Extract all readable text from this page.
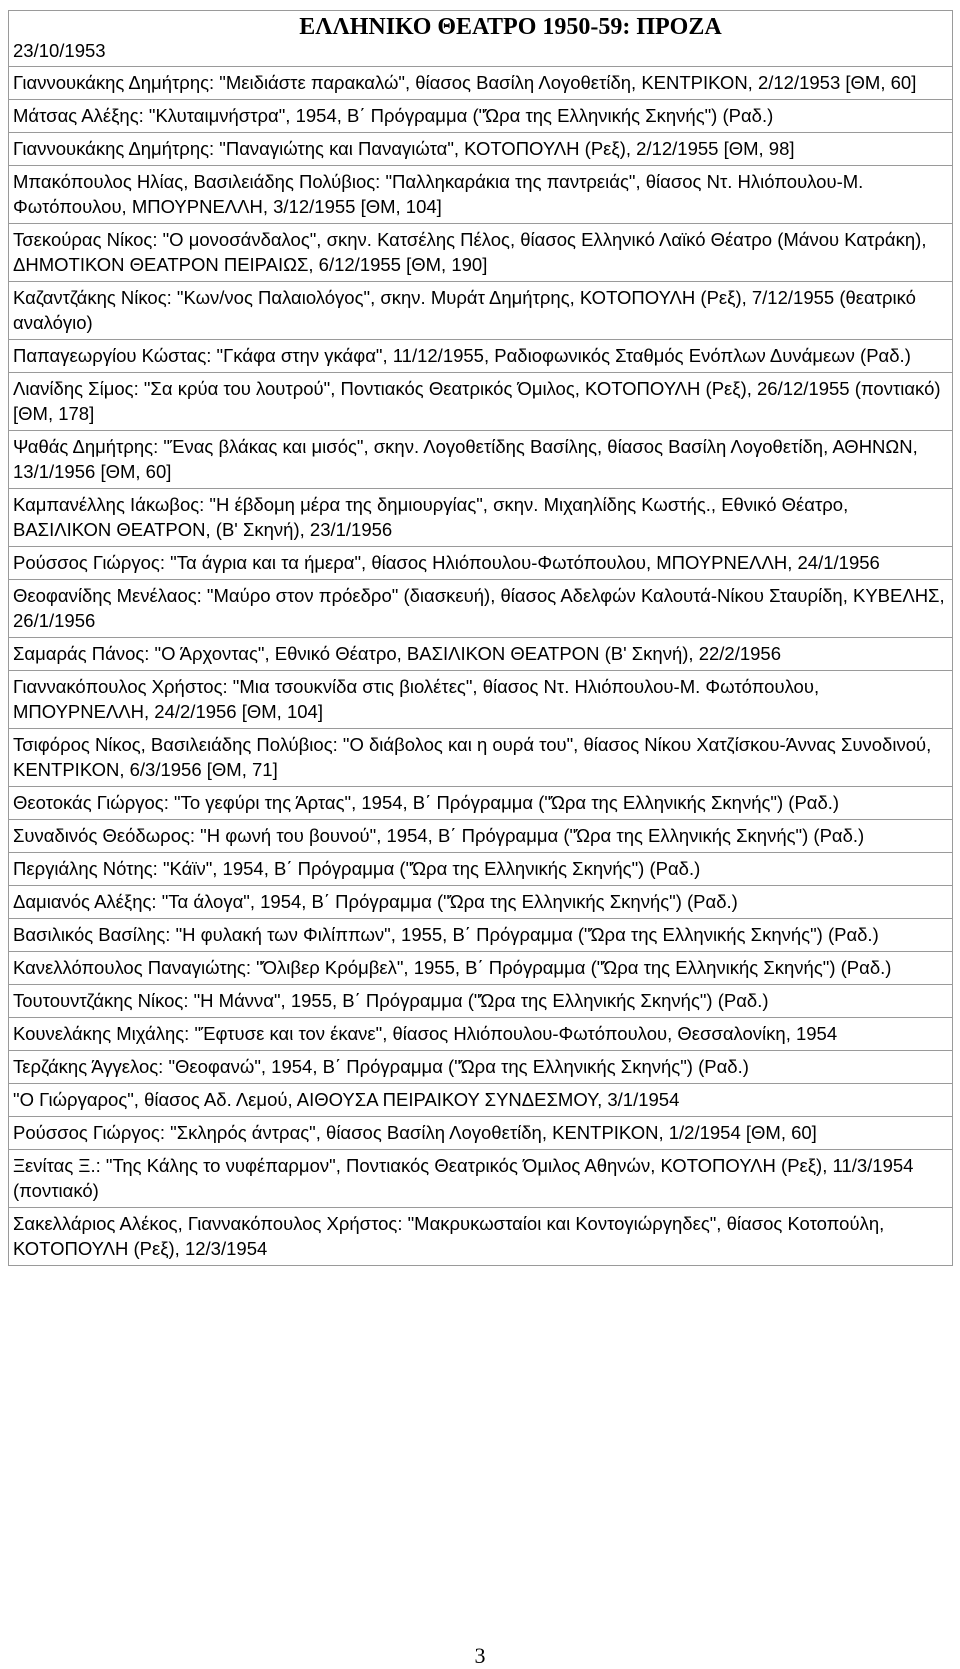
ΕΛΛΗΝΙΚΟ ΘΕΑΤΡΟ 1950-59: ΠΡΟΖΑ
23/10/1953

Γιαννουκάκης Δημήτρης: "Μειδιάστε παρακαλώ", θίασος Βασίλη Λογοθετίδη, ΚΕΝΤΡΙΚΟΝ, 2/12/1953 [ΘΜ, 60]
Μάτσας Αλέξης: "Κλυταιμνήστρα", 1954, Β΄ Πρόγραμμα ("Ώρα της Ελληνικής Σκηνής") (Ραδ.)
Γιαννουκάκης Δημήτρης: "Παναγιώτης και Παναγιώτα", ΚΟΤΟΠΟΥΛΗ (Ρεξ), 2/12/1955 [ΘΜ, 98]
Μπακόπουλος Ηλίας, Βασιλειάδης Πολύβιος: "Παλληκαράκια της παντρειάς", θίασος Ντ. Ηλιόπουλου-Μ. Φωτόπουλου, ΜΠΟΥΡΝΕΛΛΗ, 3/12/1955 [ΘΜ, 104]
Τσεκούρας Νίκος: "Ο μονοσάνδαλος", σκην. Κατσέλης Πέλος, θίασος Ελληνικό Λαϊκό Θέατρο (Μάνου Κατράκη), ΔΗΜΟΤΙΚΟΝ ΘΕΑΤΡΟΝ ΠΕΙΡΑΙΩΣ, 6/12/1955 [ΘΜ, 190]
Καζαντζάκης Νίκος: "Κων/νος Παλαιολόγος", σκην. Μυράτ Δημήτρης, ΚΟΤΟΠΟΥΛΗ (Ρεξ), 7/12/1955 (θεατρικό αναλόγιο)
Παπαγεωργίου Κώστας: "Γκάφα στην γκάφα", 11/12/1955, Ραδιοφωνικός Σταθμός Ενόπλων Δυνάμεων (Ραδ.)
Λιανίδης Σίμος: "Σα κρύα του λουτρού", Ποντιακός Θεατρικός Όμιλος, ΚΟΤΟΠΟΥΛΗ (Ρεξ), 26/12/1955 (ποντιακό) [ΘΜ, 178]
Ψαθάς Δημήτρης: "Ένας βλάκας και μισός", σκην. Λογοθετίδης Βασίλης, θίασος Βασίλη Λογοθετίδη, ΑΘΗΝΩΝ, 13/1/1956 [ΘΜ, 60]
Καμπανέλλης Ιάκωβος: "Η έβδομη μέρα της δημιουργίας", σκην. Μιχαηλίδης Κωστής., Εθνικό Θέατρο, ΒΑΣΙΛΙΚΟΝ ΘΕΑΤΡΟΝ, (Β' Σκηνή), 23/1/1956
Ρούσσος Γιώργος: "Τα άγρια και τα ήμερα", θίασος Ηλιόπουλου-Φωτόπουλου, ΜΠΟΥΡΝΕΛΛΗ, 24/1/1956
Θεοφανίδης Μενέλαος: "Μαύρο στον πρόεδρο" (διασκευή), θίασος Αδελφών Καλουτά-Νίκου Σταυρίδη, ΚΥΒΕΛΗΣ, 26/1/1956
Σαμαράς Πάνος: "Ο Άρχοντας", Εθνικό Θέατρο, ΒΑΣΙΛΙΚΟΝ ΘΕΑΤΡΟΝ (Β' Σκηνή), 22/2/1956
Γιαννακόπουλος Χρήστος: "Μια τσουκνίδα στις βιολέτες", θίασος Ντ. Ηλιόπουλου-Μ. Φωτόπουλου, ΜΠΟΥΡΝΕΛΛΗ, 24/2/1956 [ΘΜ, 104]
Τσιφόρος Νίκος, Βασιλειάδης Πολύβιος: "Ο διάβολος και η ουρά του", θίασος Νίκου Χατζίσκου-Άννας Συνοδινού, ΚΕΝΤΡΙΚΟΝ, 6/3/1956 [ΘΜ, 71]
Θεοτοκάς Γιώργος: "Το γεφύρι της Άρτας", 1954, Β΄ Πρόγραμμα ("Ώρα της Ελληνικής Σκηνής") (Ραδ.)
Συναδινός Θεόδωρος: "Η φωνή του βουνού", 1954, Β΄ Πρόγραμμα ("Ώρα της Ελληνικής Σκηνής") (Ραδ.)
Περγιάλης Νότης: "Κάϊν", 1954, Β΄ Πρόγραμμα ("Ώρα της Ελληνικής Σκηνής") (Ραδ.)
Δαμιανός Αλέξης: "Τα άλογα", 1954, Β΄ Πρόγραμμα ("Ώρα της Ελληνικής Σκηνής") (Ραδ.)
Βασιλικός Βασίλης: "Η φυλακή των Φιλίππων", 1955, Β΄ Πρόγραμμα ("Ώρα της Ελληνικής Σκηνής") (Ραδ.)
Κανελλόπουλος Παναγιώτης: "Όλιβερ Κρόμβελ", 1955, Β΄ Πρόγραμμα ("Ώρα της Ελληνικής Σκηνής") (Ραδ.)
Τουτουντζάκης Νίκος: "Η Μάννα", 1955, Β΄ Πρόγραμμα ("Ώρα της Ελληνικής Σκηνής") (Ραδ.)
Κουνελάκης Μιχάλης: "Έφτυσε και τον έκανε", θίασος Ηλιόπουλου-Φωτόπουλου, Θεσσαλονίκη, 1954
Τερζάκης Άγγελος: "Θεοφανώ", 1954, Β΄ Πρόγραμμα ("Ώρα της Ελληνικής Σκηνής") (Ραδ.)
"Ο Γιώργαρος", θίασος Αδ. Λεμού, ΑΙΘΟΥΣΑ ΠΕΙΡΑΙΚΟΥ ΣΥΝΔΕΣΜΟΥ, 3/1/1954
Ρούσσος Γιώργος: "Σκληρός άντρας", θίασος Βασίλη Λογοθετίδη, ΚΕΝΤΡΙΚΟΝ, 1/2/1954 [ΘΜ, 60]
Ξενίτας Ξ.: "Της Κάλης το νυφέπαρμον", Ποντιακός Θεατρικός Όμιλος Αθηνών, ΚΟΤΟΠΟΥΛΗ (Ρεξ), 11/3/1954 (ποντιακό)
Σακελλάριος Αλέκος, Γιαννακόπουλος Χρήστος: "Μακρυκωσταίοι και Κοντογιώργηδες", θίασος Κοτοπούλη, ΚΟΤΟΠΟΥΛΗ (Ρεξ), 12/3/1954
3
